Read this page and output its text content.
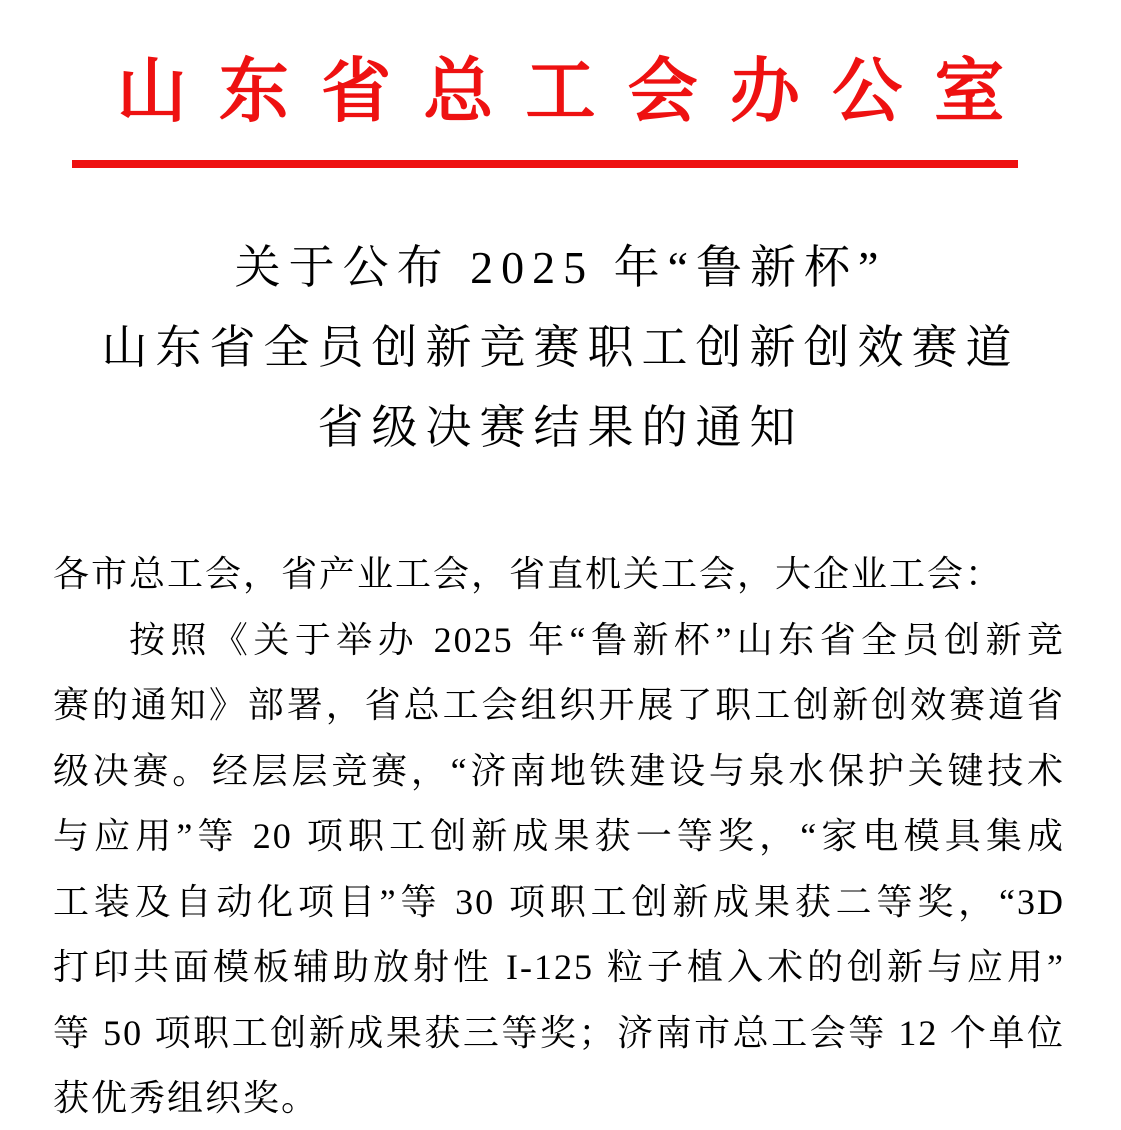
山东省总工会办公室
关于公布 2025 年“鲁新杯”
山东省全员创新竞赛职工创新创效赛道
省级决赛结果的通知
各市总工会，省产业工会，省直机关工会，大企业工会：
按照《关于举办 2025 年“鲁新杯”山东省全员创新竞
赛的通知》部署，省总工会组织开展了职工创新创效赛道省
级决赛。经层层竞赛，“济南地铁建设与泉水保护关键技术
与应用”等 20 项职工创新成果获一等奖，“家电模具集成
工装及自动化项目”等 30 项职工创新成果获二等奖，“3D
打印共面模板辅助放射性 I-125 粒子植入术的创新与应用”
等 50 项职工创新成果获三等奖；济南市总工会等 12 个单位
获优秀组织奖。
